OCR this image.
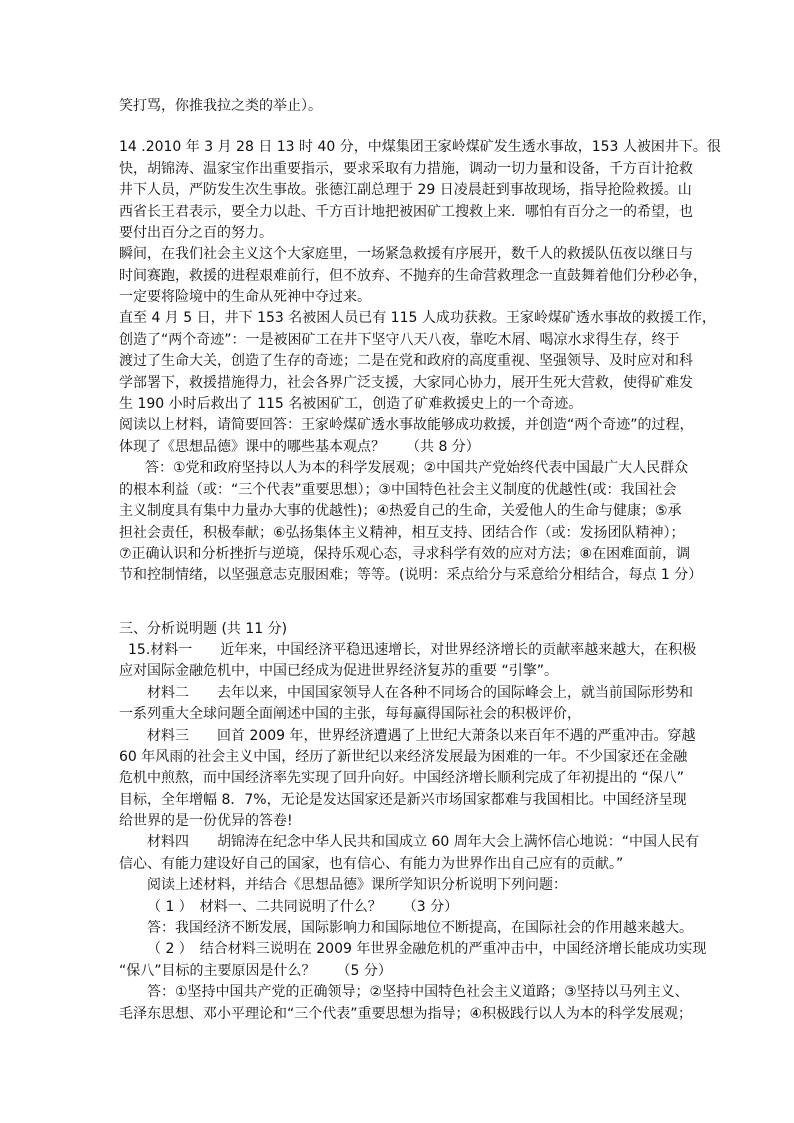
笑打骂，你推我拉之类的举止）。
14 .2010 年 3 月 28 日 13 时 40 分，中煤集团王家岭煤矿发生透水事故，153 人被困井下。很
快，胡锦涛、温家宝作出重要指示，要求采取有力措施，调动一切力量和设备，千方百计抢救
井下人员，严防发生次生事故。张德江副总理于 29 日凌晨赶到事故现场，指导抢险救援。山
西省长王君表示，要全力以赴、千方百计地把被困矿工搜救上来．哪怕有百分之一的希望，也
要付出百分之百的努力。
瞬间，在我们社会主义这个大家庭里，一场紧急救援有序展开，数千人的救援队伍夜以继日与
时间赛跑，救援的进程艰难前行，但不放弃、不抛弃的生命营救理念一直鼓舞着他们分秒必争，
一定要将险境中的生命从死神中夺过来。
直至 4 月 5 日，井下 153 名被困人员已有 115 人成功获救。王家岭煤矿透水事故的救援工作，
创造了“两个奇迹”：一是被困矿工在井下坚守八天八夜，靠吃木屑、喝凉水求得生存，终于
渡过了生命大关，创造了生存的奇迹；二是在党和政府的高度重视、坚强领导、及时应对和科
学部署下，救援措施得力，社会各界广泛支援，大家同心协力，展开生死大营救，使得矿难发
生 190 小时后救出了 115 名被困矿工，创造了矿难救援史上的一个奇迹。
阅读以上材料，请简要回答：王家岭煤矿透水事故能够成功救援，并创造“两个奇迹”的过程，
体现了《思想品德》课中的哪些基本观点？　　（共 8 分）
答：①党和政府坚持以人为本的科学发展观；②中国共产党始终代表中国最广大人民群众
的根本利益（或：“三个代表”重要思想）；③中国特色社会主义制度的优越性(或：我国社会
主义制度具有集中力量办大事的优越性)；④热爱自己的生命，关爱他人的生命与健康；⑤承
担社会责任，积极奉献；⑥弘扬集体主义精神，相互支持、团结合作（或：发扬团队精神）；
⑦正确认识和分析挫折与逆境，保持乐观心态，寻求科学有效的应对方法；⑧在困难面前，调
节和控制情绪，以坚强意志克服困难；等等。(说明：采点给分与采意给分相结合，每点 1 分）
三、分析说明题 (共 11 分)
15.材料一　　近年来，中国经济平稳迅速增长，对世界经济增长的贡献率越来越大，在积极
应对国际金融危机中，中国已经成为促进世界经济复苏的重要 “引擎”。
材料二　　去年以来，中国国家领导人在各种不同场合的国际峰会上，就当前国际形势和
一系列重大全球问题全面阐述中国的主张，每每赢得国际社会的积极评价，
材料三　　回首 2009 年，世界经济遭遇了上世纪大萧条以来百年不遇的严重冲击。穿越
60 年风雨的社会主义中国，经历了新世纪以来经济发展最为困难的一年。不少国家还在金融
危机中煎熬，而中国经济率先实现了回升向好。中国经济增长顺利完成了年初提出的 “保八”
目标，全年增幅 8．7%，无论是发达国家还是新兴市场国家都难与我国相比。中国经济呈现
给世界的是一份优异的答卷!
材料四　　胡锦涛在纪念中华人民共和国成立 60 周年大会上满怀信心地说：“中国人民有
信心、有能力建设好自己的国家，也有信心、有能力为世界作出自己应有的贡献。”
阅读上述材料，并结合《思想品德》课所学知识分析说明下列问题：
（ 1 ）　材料一、二共同说明了什么？　　（3 分）
答：我国经济不断发展，国际影响力和国际地位不断提高，在国际社会的作用越来越大。
（ 2 ）　结合材料三说明在 2009 年世界金融危机的严重冲击中，中国经济增长能成功实现
“保八”目标的主要原因是什么？　　（5 分）
答：①坚持中国共产党的正确领导；②坚持中国特色社会主义道路；③坚持以马列主义、
毛泽东思想、邓小平理论和“三个代表”重要思想为指导；④积极践行以人为本的科学发展观；
